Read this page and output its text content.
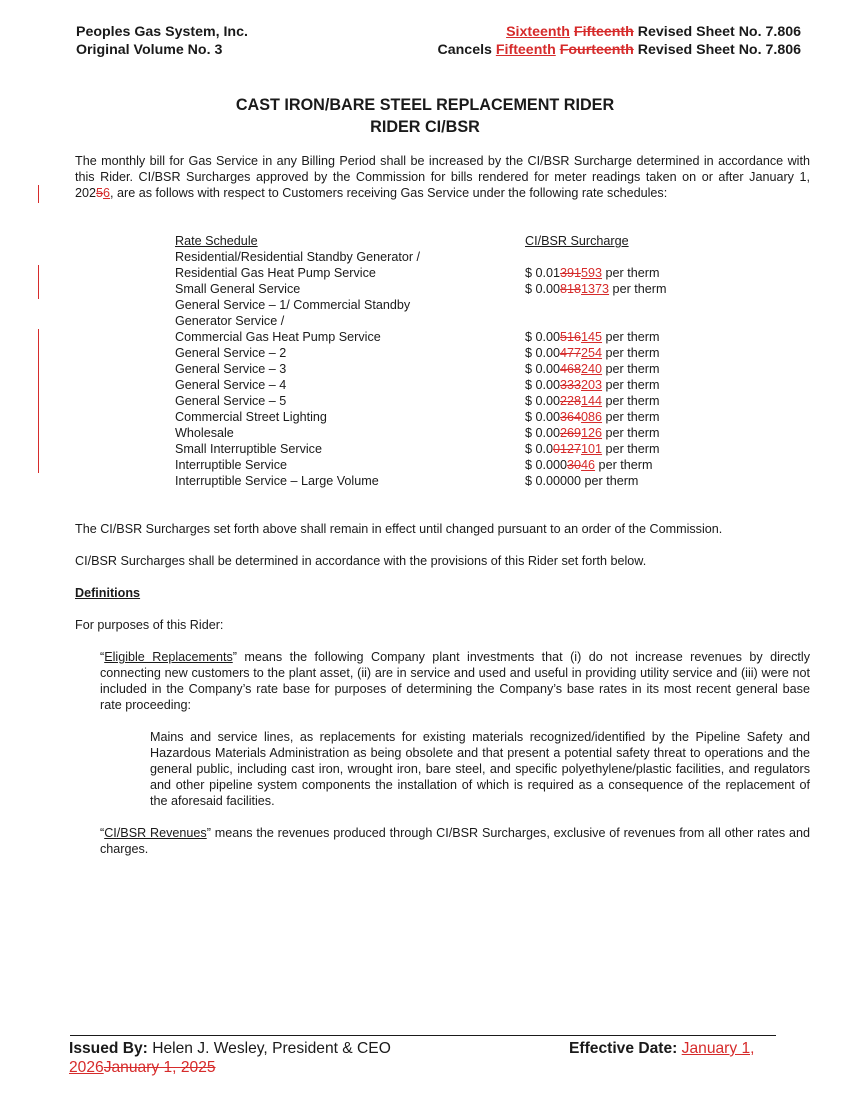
Peoples Gas System, Inc.
Original Volume No. 3
Sixteenth Fifteenth Revised Sheet No. 7.806
Cancels Fifteenth Fourteenth Revised Sheet No. 7.806
CAST IRON/BARE STEEL REPLACEMENT RIDER
RIDER CI/BSR
The monthly bill for Gas Service in any Billing Period shall be increased by the CI/BSR Surcharge determined in accordance with this Rider. CI/BSR Surcharges approved by the Commission for bills rendered for meter readings taken on or after January 1, 20256, are as follows with respect to Customers receiving Gas Service under the following rate schedules:
Rate Schedule	CI/BSR Surcharge
Residential/Residential Standby Generator /
Residential Gas Heat Pump Service	$ 0.01391593 per therm
Small General Service	$ 0.008181373 per therm
General Service – 1/ Commercial Standby
Generator Service /
Commercial Gas Heat Pump Service	$ 0.00516145 per therm
General Service – 2	$ 0.00477254 per therm
General Service – 3	$ 0.00468240 per therm
General Service – 4	$ 0.00333203 per therm
General Service – 5	$ 0.00228144 per therm
Commercial Street Lighting	$ 0.00364086 per therm
Wholesale	$ 0.00269126 per therm
Small Interruptible Service	$ 0.00127101 per therm
Interruptible Service	$ 0.0003046 per therm
Interruptible Service – Large Volume	$ 0.00000 per therm
The CI/BSR Surcharges set forth above shall remain in effect until changed pursuant to an order of the Commission.
CI/BSR Surcharges shall be determined in accordance with the provisions of this Rider set forth below.
Definitions
For purposes of this Rider:
“Eligible Replacements” means the following Company plant investments that (i) do not increase revenues by directly connecting new customers to the plant asset, (ii) are in service and used and useful in providing utility service and (iii) were not included in the Company’s rate base for purposes of determining the Company’s base rates in its most recent general base rate proceeding:
Mains and service lines, as replacements for existing materials recognized/identified by the Pipeline Safety and Hazardous Materials Administration as being obsolete and that present a potential safety threat to operations and the general public, including cast iron, wrought iron, bare steel, and specific polyethylene/plastic facilities, and regulators and other pipeline system components the installation of which is required as a consequence of the replacement of the aforesaid facilities.
“CI/BSR Revenues” means the revenues produced through CI/BSR Surcharges, exclusive of revenues from all other rates and charges.
Issued By: Helen J. Wesley, President & CEO	Effective Date: January 1,
2026January 1, 2025
